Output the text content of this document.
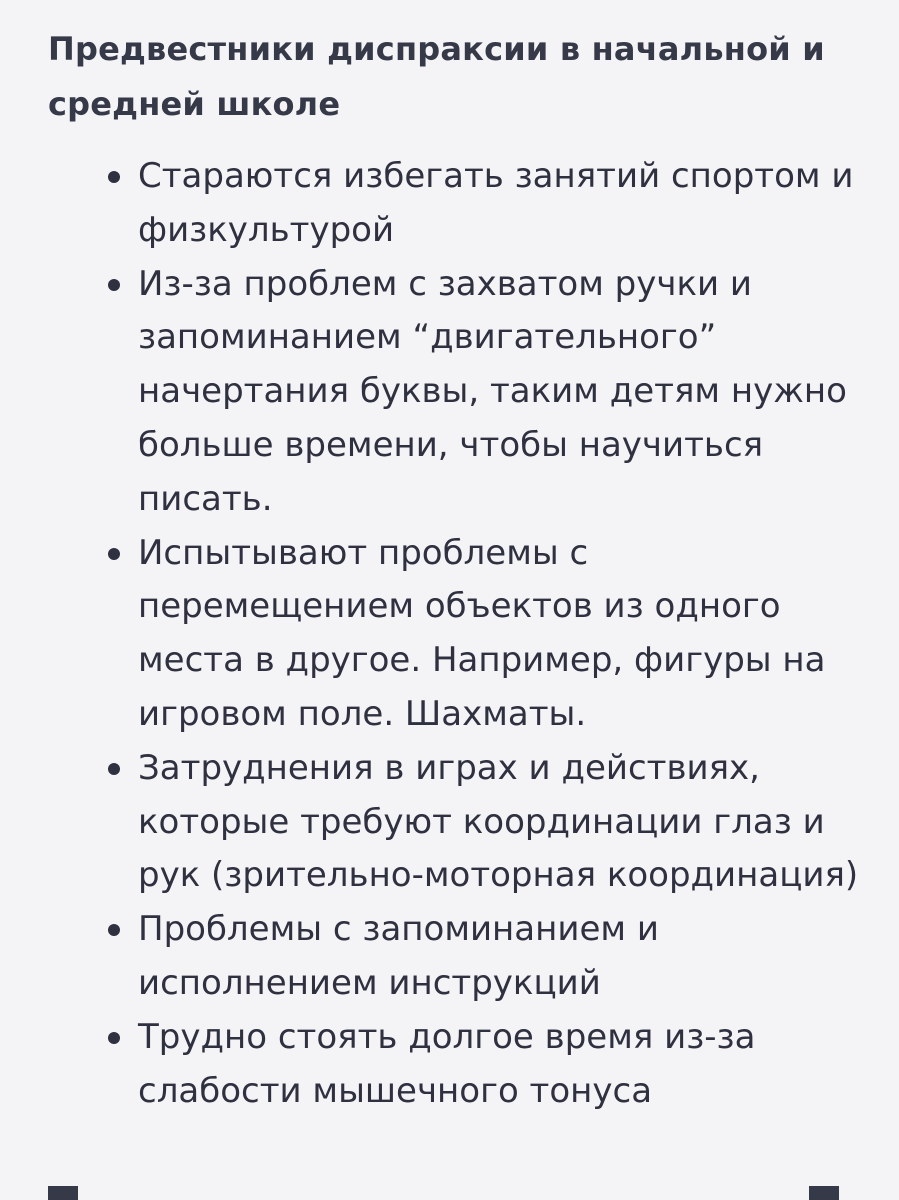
Предвестники диспраксии в начальной и средней школе
Стараются избегать занятий спортом и физкультурой
Из-за проблем с захватом ручки и запоминанием “двигательного” начертания буквы, таким детям нужно больше времени, чтобы научиться писать.
Испытывают проблемы с перемещением объектов из одного места в другое. Например, фигуры на игровом поле. Шахматы.
Затруднения в играх и действиях, которые требуют координации глаз и рук (зрительно-моторная координация)
Проблемы с запоминанием и исполнением инструкций
Трудно стоять долгое время из-за слабости мышечного тонуса
